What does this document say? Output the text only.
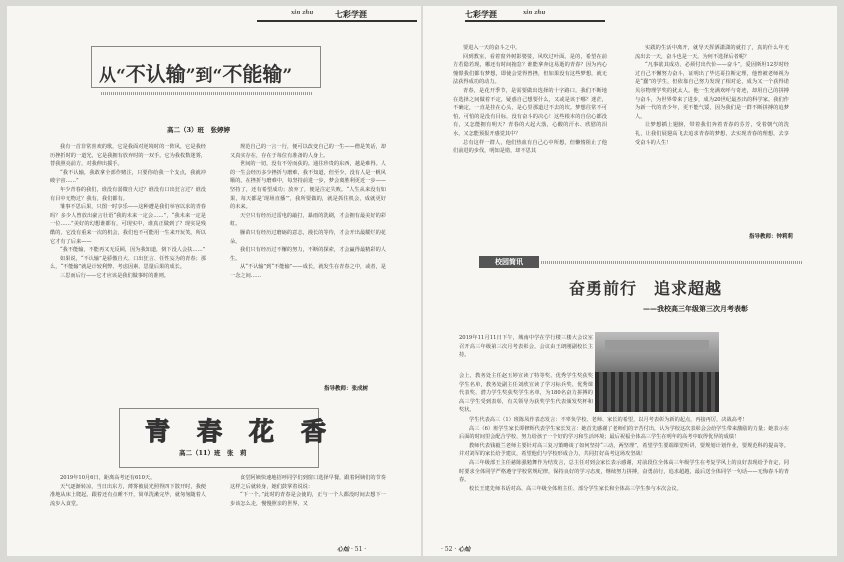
xin zhu	七彩学涯
从“不认输”到“不能输”
高二（3）班　张婷婷

我有一首非常喜欢的歌，它是我面对逆境时的一阵风，它是我经历挫折时的一道光，它是我拥有放弃时的一双手。它为我枚数迷雾，替我照亮前方，对我伸出援手。

“我不认输，我敢拿全部作赌注，只要你给我一个支点，我就冲破宇宙……”

年少青春的我们，谁没有弱微自大过？谁没有口出狂言过？谁没有目中无物过？我有，我们都有。

雏事不思后果，只图一时享乐——这种遭是我们举容以求的青春吗？多少人曾放出豪言壮语“我的未来一定会……”，“我未来一定是一位……”美好的幻想谁都有，可现实中，谁真正做到了？现实是残酷的，它没有重来一次的机会，我们也不可能用一生来开玩笑。所以它才有了后来——

“我不能输，不能再又无反顾，因为我知道，倒下没人会扶……”

如果说，“不认输”是骄傲自大、口出狂言、任性妄为的青春；那么，“不能输”就是计较利弊、考虑因素、思量后果的成长。

三思而后行——它才应该是我们做事时的准则。

规范自己的一言一行，便可以改变自己的一生——僧是笑话，却又真实存在，存在于每位有准备的人身上。

世间的一切，没有不劳而获的。通往珍贵的东西，越是难得。人的一生会经历多少挫折与磨难，我不知道，但至少，没有人是一帆风顺的。在挫折与磨难中，每坚持前进一步，梦会离胜利更近一步——坚持了，还有希望成功；放弃了，便是注定失败。“人生从来没有如果，每天都是‘现场直播’”，我所要做的，就是抓住机会，成就更好的未来。

天空只有经历过雷电的敲打，暴雨的洗刷，才会拥有最美好的彩虹。

臊苗只有经历过磨砺的意志，漫长的等待，才会开出最耀烂的花朵。

我们只有经历过不懈的努力，不断的探索，才会赢得最精彩的人生。

从“不认输”到“不能输”——成长，就发生在青春之中，或者，是一念之间……

指导教师：张成树
青　春　花　香
高二（11）班　张　莉

2019年10月6日，距离高考还有610天。

天气逐渐转凉，当日出东方，薄雾被晨光照得四下散开时，我便准地从床上爬起，跟着还有点睡不开，简单洗漱完毕，就匆匆随着人流步入食堂。

食堂阿姨快速地招呼同学们到窗口选择早餐，跟着阿姨们的节奏这样之后就转身，她们鼓掌着说说：

“下一个。”此时的青春是会使的，正与一个人都没时间去想下一步该怎么走，慢慢照亲的世界，又

心灿 · 51 ·
七彩学涯	xin zhu

要进入一天的奋斗之中。

回到教室，看着窗外树影婆娑，风吹过叶面。是的，希望在前方若隐若现，哪还有时间拖怠？谁能拿奔这易逝的青春？因为内心憧憬我们都有梦想，即使会觉得曾挫，但如果没有这些梦想，就无法获得成功的动力。

青春，是花开季节，是需要做出选择的十字路口。我们不断地在选择之间做着不定，疑惑自己想要什么，又或是该于哪？迷茫，不确定，一直是挂在心头，是心里那道过不去的坎。梦想往常不可怕，可怕的是没有目标，没有奋斗的决心！这些根本的自信心都没有，又怎能拥有明天？青春的大起大落，心酸的汗水、欣慰的泪水，又怎能预报开感觉其中？

总有这样一群人，他们热血有自己心中所想，但懒惰阻止了他们前进的步伐，明知是错，却不思其

实践的生活中离开，就导天挥洒潇潇的就打了，真的什么年无流出去一天，奋斗也是一天。为何不选择后者呢？

“凡事欲其成功、必须付出代价——奋斗”，爱因斯坦12岁时经过自己不懈努力奋斗，证明出了毕达哥拉斯定理，他曾被老师视为是“蠢”的学生，但依靠自己努力发现了相对论，成为又一个获得诺贝尔物理学奖的犹太人。他一生充满欢呼与奇迹，却用自己的拼搏与奋斗，为世界带来了进步，成为20世纪最杰出的科学家。我们作为新一代的青少年，更不能气馁，因为我们是一群不断拼搏的追梦人。

让梦想插上翅膀，带着我们奔着青春的芬芳，受着朝气的洗礼，让我们展翅高飞去追求青春的梦想，去实现青春的理想，去享受奋斗的人生！

指导教师：钟莉莉
校园简讯
奋勇前行　追求超越
——我校高三年级第三次月考表彰
2019年11月11日下午，城南中学在学行楼三楼大会议室召开高三年级第三次月考表彰会，会议由王朗刚副校长主持。
会上，教务处主任赵玉婷宣读了特等奖、优秀学生奖获奖学生名单，教务处副主任刘欣宣读了学习标兵奖、优秀课代表奖、潜力学生奖获奖学生名单，为180名奋力拼搏的高三学生受到表彰，有关领导为获奖学生代表颁发奖杯和奖状。

学生代表高三（1）班陈凤作表态发言：不辜负学校、老师、家长的希望，以月考表彰为新的起点，再接再厉，决战高考！

高三（6）班学生家长谭修辉代表学生家长发言：她首先感谢了老师们的辛苦付出，认为学校这次表彰会会给学生带来激励的力量；她表示在后面的时间里会配合学校、努力给孩子一个好的学习和生活环境；最后祝福全体高三学生在明年的高考中取得优异的成绩！

教师代表钱毅兰老师主要针对高三复习策略谈了如何坚持“三动，两坚理”，希望学生要端课堂听讲，要规划计划作业，要规范科的提高等。并对刘军的家长给予建议，希望他们与学校形成合力，共同打好高考这场攻坚战！

高三年级部王主任慈陈强勉舞作为结发言，总主任对到会家长表示感谢，对前段位全体高三年级学生在考复学风上的良好表现给予肯定，同时要求全体同学严格遵守学校常规纪律，保持良好的学习态度，继续努力拼搏，奋勇前行，追求超越，最后送全体同学一句话——无悔春斗的青春。

校长王建先师书话对高、高三年级全体班主任、部分学生家长和全体高三学生参与本次会议。

· 52 · 心灿
